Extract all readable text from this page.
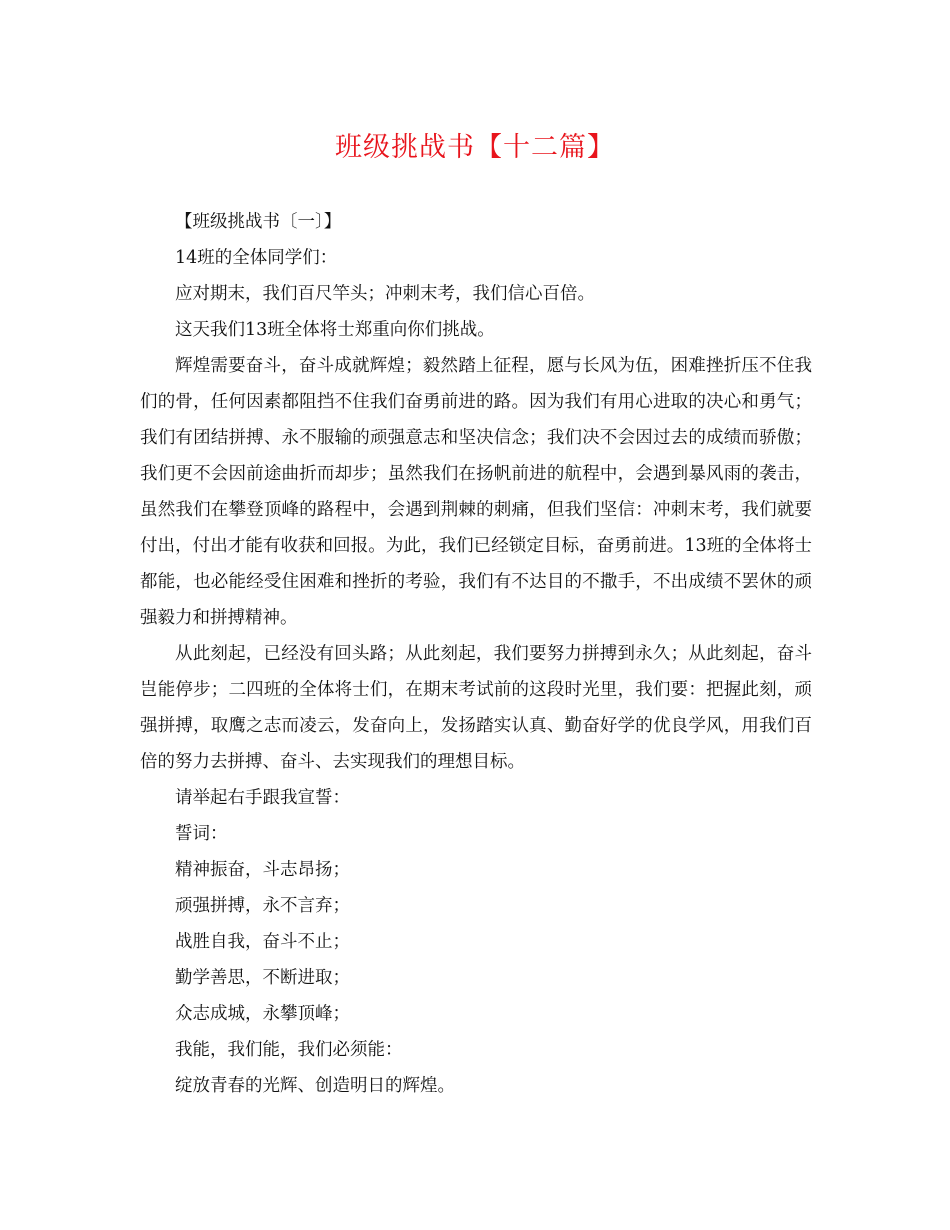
班级挑战书【十二篇】

【班级挑战书〔一〕】

14班的全体同学们：

应对期末，我们百尺竿头；冲刺末考，我们信心百倍。

这天我们13班全体将士郑重向你们挑战。

辉煌需要奋斗，奋斗成就辉煌；毅然踏上征程，愿与长风为伍，困难挫折压不住我们的骨，任何因素都阻挡不住我们奋勇前进的路。因为我们有用心进取的决心和勇气；我们有团结拼搏、永不服输的顽强意志和坚决信念；我们决不会因过去的成绩而骄傲；我们更不会因前途曲折而却步；虽然我们在扬帆前进的航程中，会遇到暴风雨的袭击，虽然我们在攀登顶峰的路程中，会遇到荆棘的刺痛，但我们坚信：冲刺末考，我们就要付出，付出才能有收获和回报。为此，我们已经锁定目标，奋勇前进。13班的全体将士都能，也必能经受住困难和挫折的考验，我们有不达目的不撒手，不出成绩不罢休的顽强毅力和拼搏精神。

从此刻起，已经没有回头路；从此刻起，我们要努力拼搏到永久；从此刻起，奋斗岂能停步；二四班的全体将士们，在期末考试前的这段时光里，我们要：把握此刻，顽强拼搏，取鹰之志而凌云，发奋向上，发扬踏实认真、勤奋好学的优良学风，用我们百倍的努力去拼搏、奋斗、去实现我们的理想目标。

请举起右手跟我宣誓：

誓词：

精神振奋，斗志昂扬；

顽强拼搏，永不言弃；

战胜自我，奋斗不止；

勤学善思，不断进取；

众志成城，永攀顶峰；

我能，我们能，我们必须能：

绽放青春的光辉、创造明日的辉煌。
